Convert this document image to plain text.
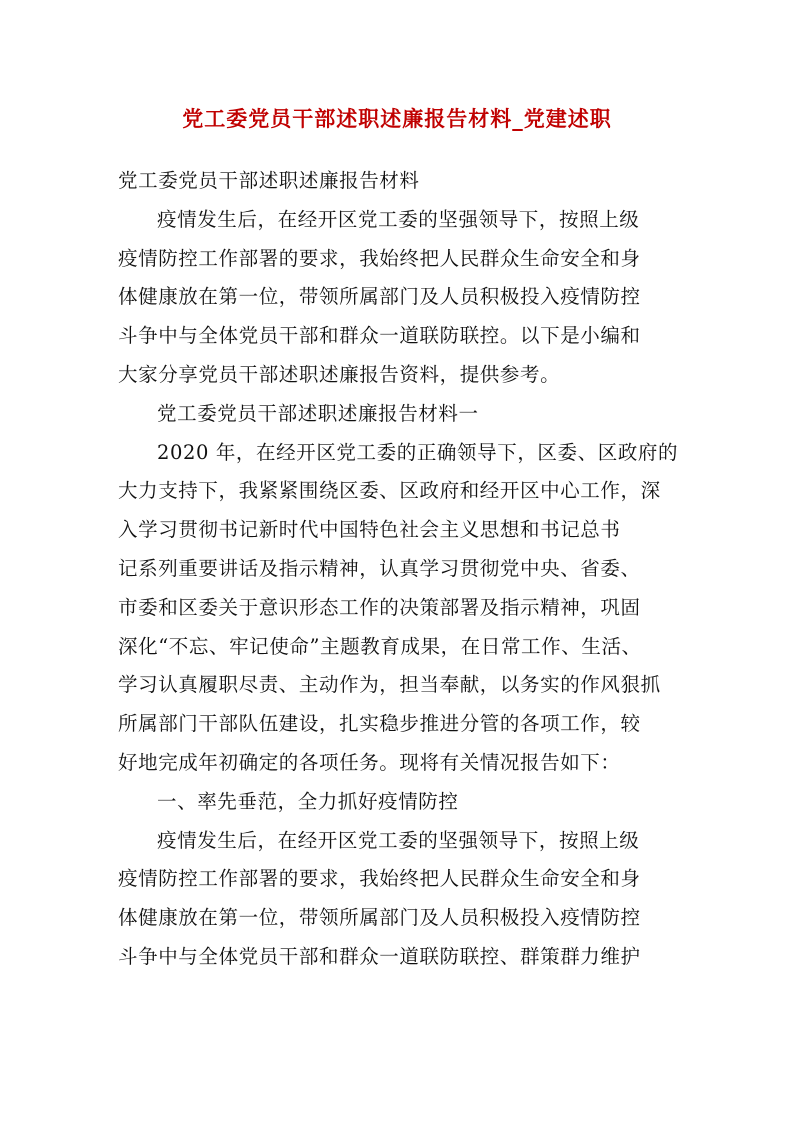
党工委党员干部述职述廉报告材料_党建述职
党工委党员干部述职述廉报告材料
疫情发生后，在经开区党工委的坚强领导下，按照上级
疫情防控工作部署的要求，我始终把人民群众生命安全和身
体健康放在第一位，带领所属部门及人员积极投入疫情防控
斗争中与全体党员干部和群众一道联防联控。以下是小编和
大家分享党员干部述职述廉报告资料，提供参考。
党工委党员干部述职述廉报告材料一
2020 年，在经开区党工委的正确领导下，区委、区政府的
大力支持下，我紧紧围绕区委、区政府和经开区中心工作，深
入学习贯彻书记新时代中国特色社会主义思想和书记总书
记系列重要讲话及指示精神，认真学习贯彻党中央、省委、
市委和区委关于意识形态工作的决策部署及指示精神，巩固
深化“不忘、牢记使命”主题教育成果，在日常工作、生活、
学习认真履职尽责、主动作为，担当奉献，以务实的作风狠抓
所属部门干部队伍建设，扎实稳步推进分管的各项工作，较
好地完成年初确定的各项任务。现将有关情况报告如下：
一、率先垂范，全力抓好疫情防控
疫情发生后，在经开区党工委的坚强领导下，按照上级
疫情防控工作部署的要求，我始终把人民群众生命安全和身
体健康放在第一位，带领所属部门及人员积极投入疫情防控
斗争中与全体党员干部和群众一道联防联控、群策群力维护
